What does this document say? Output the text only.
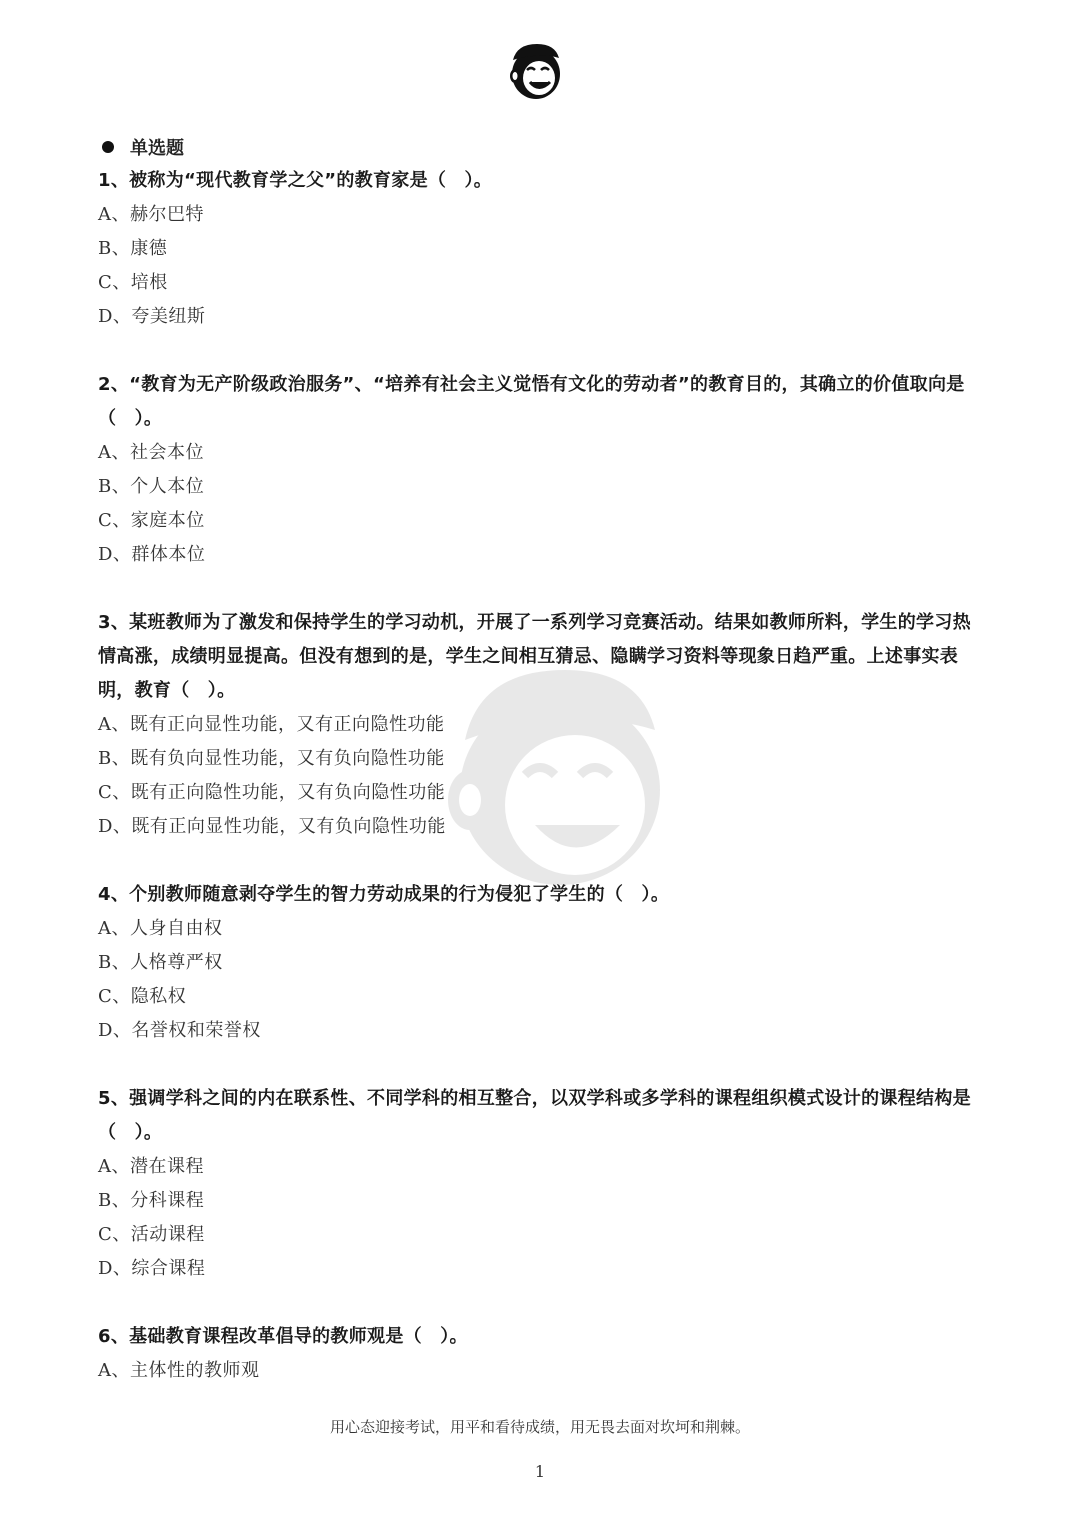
单选题
1、被称为“现代教育学之父”的教育家是（　）。
A、赫尔巴特
B、康德
C、培根
D、夸美纽斯
2、“教育为无产阶级政治服务”、“培养有社会主义觉悟有文化的劳动者”的教育目的，其确立的价值取向是（　）。
A、社会本位
B、个人本位
C、家庭本位
D、群体本位
3、某班教师为了激发和保持学生的学习动机，开展了一系列学习竞赛活动。结果如教师所料，学生的学习热情高涨，成绩明显提高。但没有想到的是，学生之间相互猜忌、隐瞒学习资料等现象日趋严重。上述事实表明，教育（　）。
A、既有正向显性功能，又有正向隐性功能
B、既有负向显性功能，又有负向隐性功能
C、既有正向隐性功能，又有负向隐性功能
D、既有正向显性功能，又有负向隐性功能
4、个别教师随意剥夺学生的智力劳动成果的行为侵犯了学生的（　）。
A、人身自由权
B、人格尊严权
C、隐私权
D、名誉权和荣誉权
5、强调学科之间的内在联系性、不同学科的相互整合，以双学科或多学科的课程组织模式设计的课程结构是（　）。
A、潜在课程
B、分科课程
C、活动课程
D、综合课程
6、基础教育课程改革倡导的教师观是（　）。
A、主体性的教师观
用心态迎接考试，用平和看待成绩，用无畏去面对坎坷和荆棘。
1
